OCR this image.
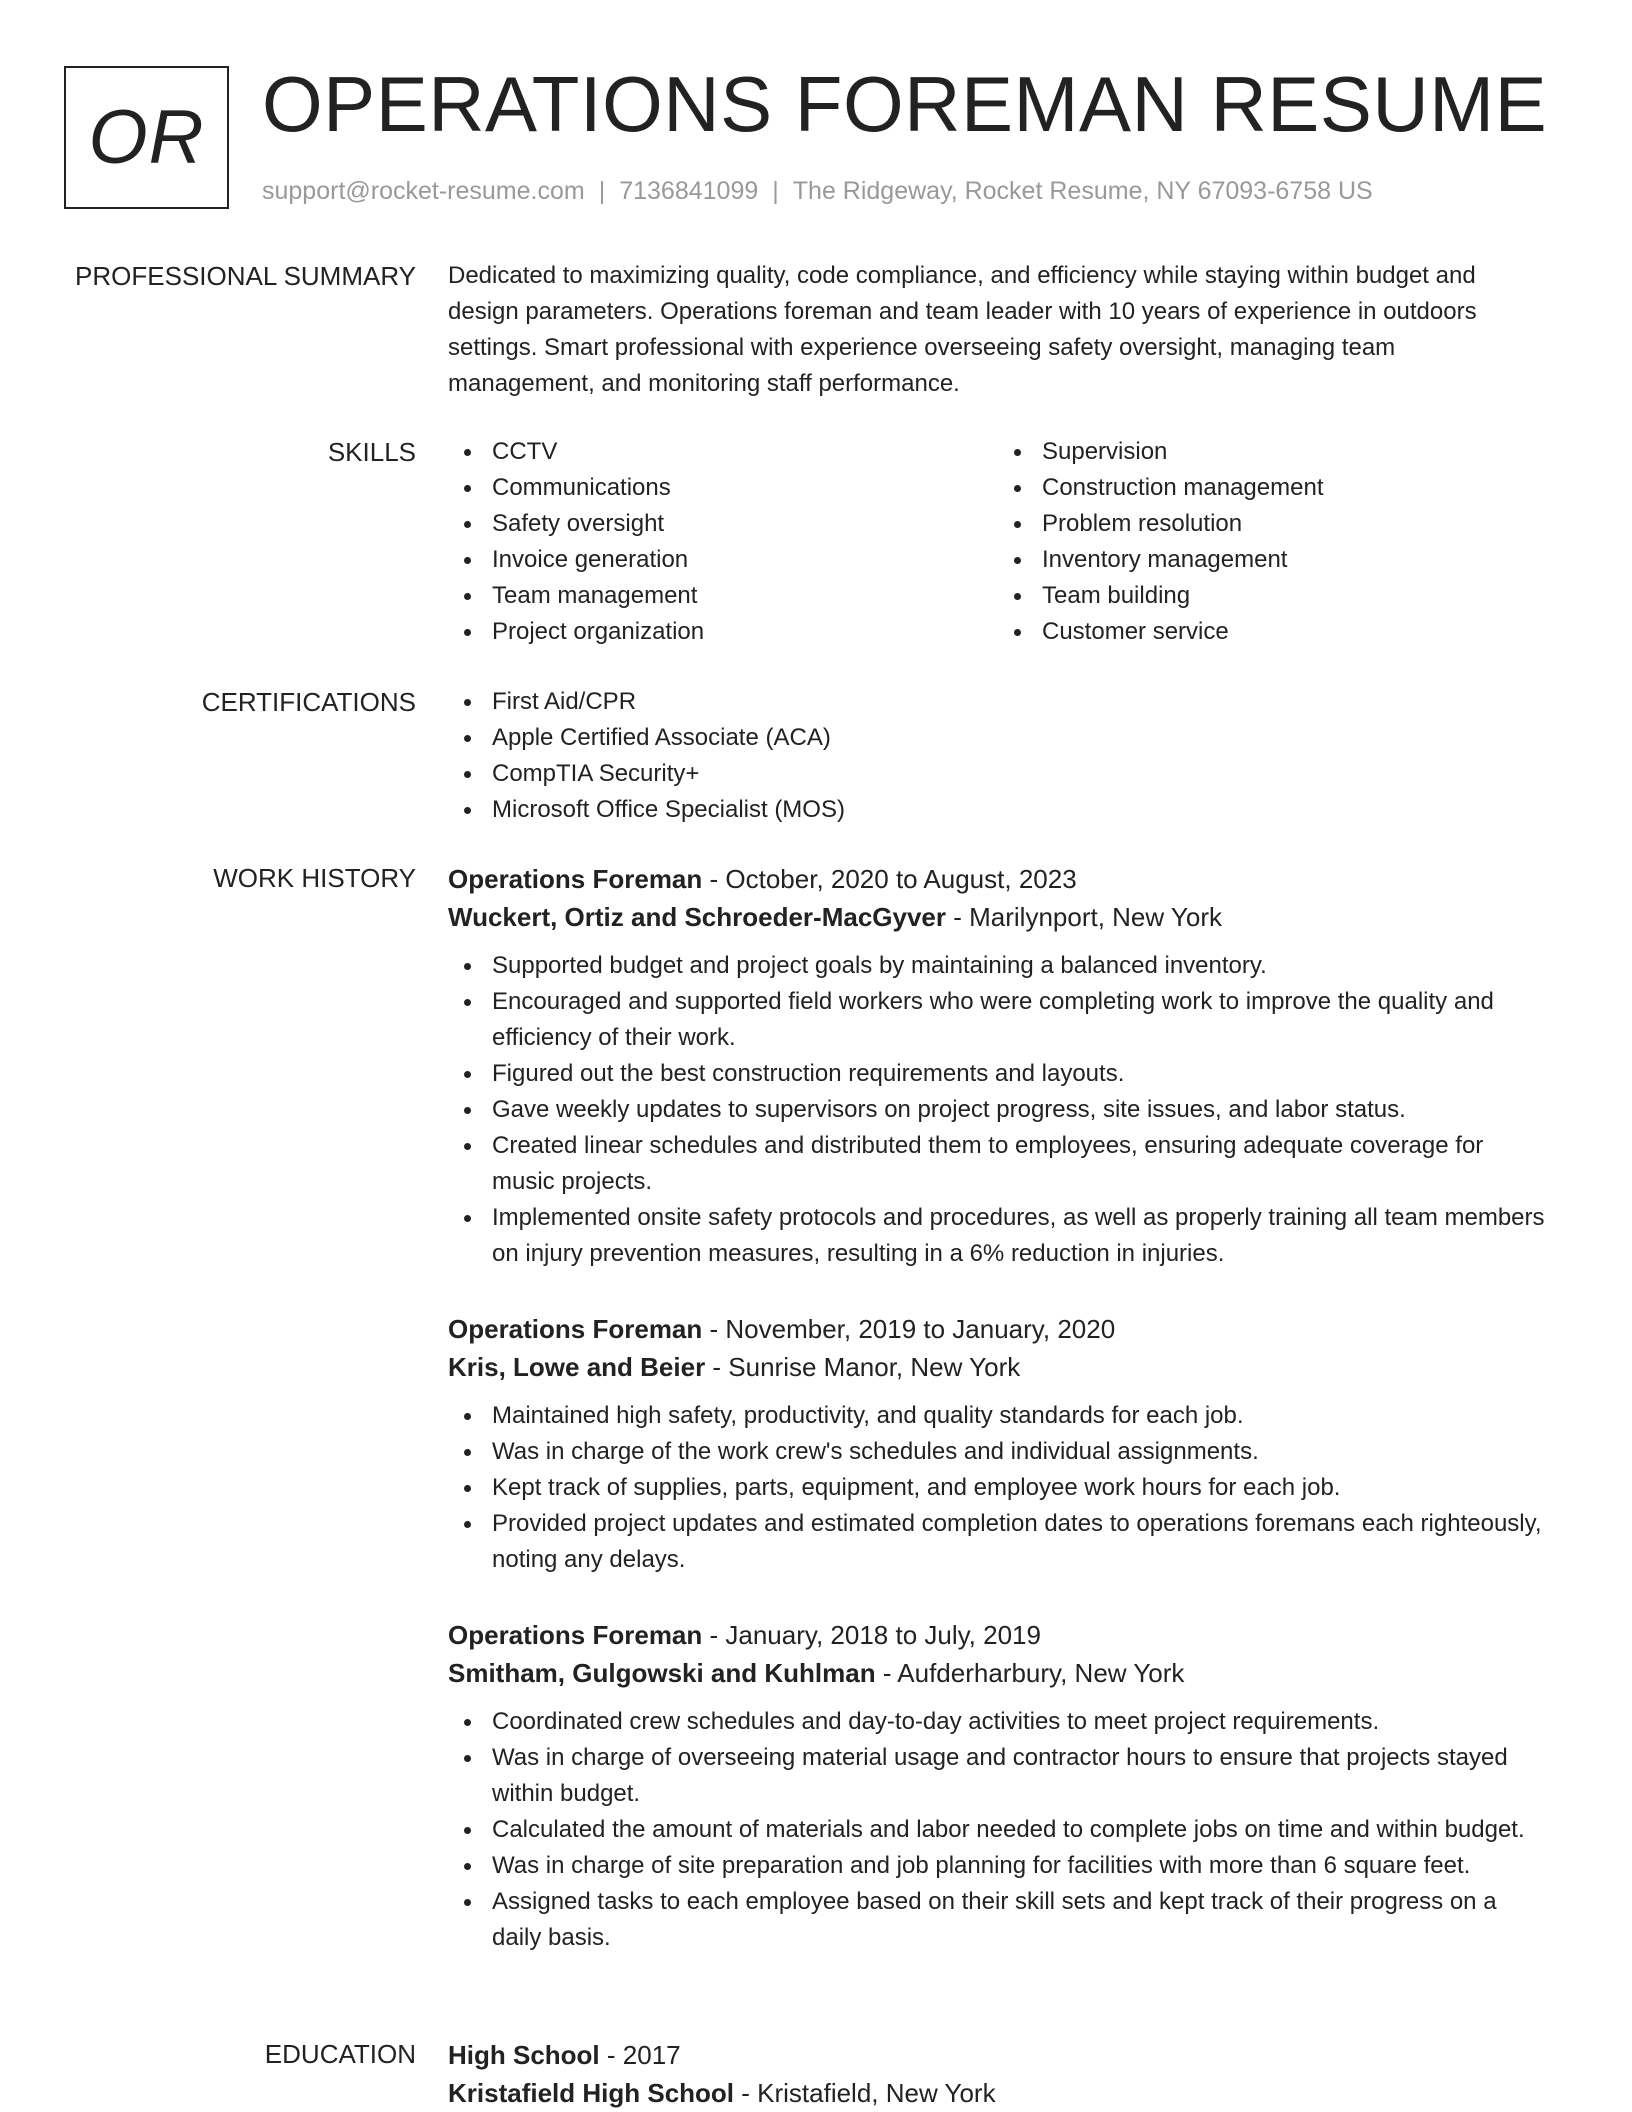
OR OPERATIONS FOREMAN RESUME
support@rocket-resume.com | 7136841099 | The Ridgeway, Rocket Resume, NY 67093-6758 US
PROFESSIONAL SUMMARY Dedicated to maximizing quality, code compliance, and efficiency while staying within budget and design parameters. Operations foreman and team leader with 10 years of experience in outdoors settings. Smart professional with experience overseeing safety oversight, managing team management, and monitoring staff performance.
SKILLS	CCTV
Communications
Safety oversight
Invoice generation
Team management
Project organization
Supervision
Construction management
Problem resolution
Inventory management
Team building
Customer service
CERTIFICATIONS	First Aid/CPR
Apple Certified Associate (ACA)
CompTIA Security+
Microsoft Office Specialist (MOS)
WORK HISTORY Operations Foreman - October, 2020 to August, 2023
Wuckert, Ortiz and Schroeder-MacGyver - Marilynport, New York
Supported budget and project goals by maintaining a balanced inventory.
Encouraged and supported field workers who were completing work to improve the quality and efficiency of their work.
Figured out the best construction requirements and layouts.
Gave weekly updates to supervisors on project progress, site issues, and labor status.
Created linear schedules and distributed them to employees, ensuring adequate coverage for music projects.
Implemented onsite safety protocols and procedures, as well as properly training all team members on injury prevention measures, resulting in a 6% reduction in injuries.
Operations Foreman - November, 2019 to January, 2020
Kris, Lowe and Beier - Sunrise Manor, New York
Maintained high safety, productivity, and quality standards for each job.
Was in charge of the work crew's schedules and individual assignments.
Kept track of supplies, parts, equipment, and employee work hours for each job.
Provided project updates and estimated completion dates to operations foremans each righteously, noting any delays.
Operations Foreman - January, 2018 to July, 2019
Smitham, Gulgowski and Kuhlman - Aufderharbury, New York
Coordinated crew schedules and day-to-day activities to meet project requirements.
Was in charge of overseeing material usage and contractor hours to ensure that projects stayed within budget.
Calculated the amount of materials and labor needed to complete jobs on time and within budget.
Was in charge of site preparation and job planning for facilities with more than 6 square feet.
Assigned tasks to each employee based on their skill sets and kept track of their progress on a daily basis.
EDUCATION High School - 2017
Kristafield High School - Kristafield, New York
